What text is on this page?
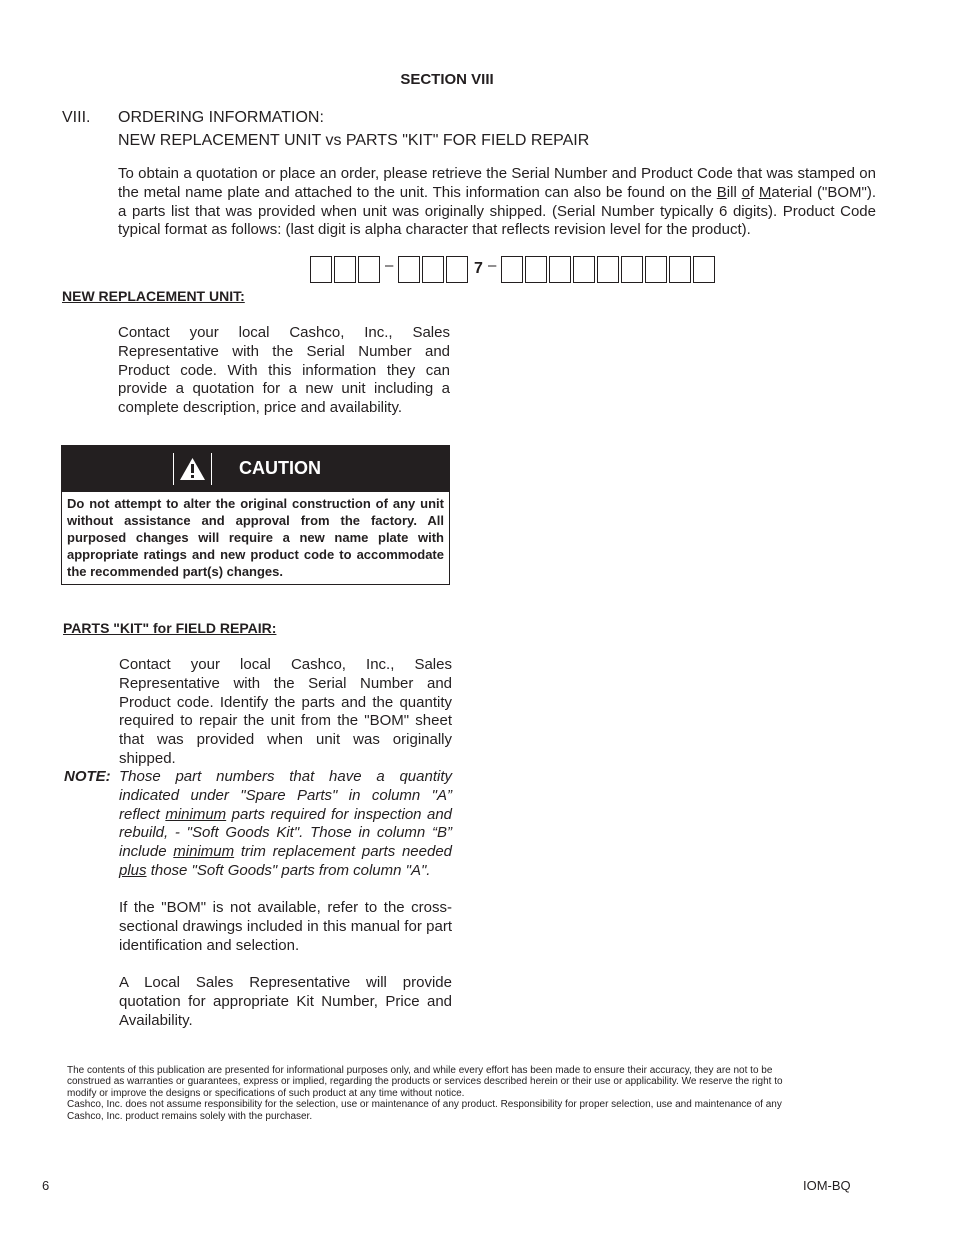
SECTION VIII
VIII. ORDERING INFORMATION:
NEW REPLACEMENT UNIT vs PARTS "KIT" FOR FIELD REPAIR
To obtain a quotation or place an order, please retrieve the Serial Number and Product Code that was stamped on the metal name plate and attached to the unit. This information can also be found on the Bill of Material ("BOM"). a parts list that was provided when unit was originally shipped. (Serial Number typically 6 digits). Product Code typical format as follows: (last digit is alpha character that reflects revision level for the product).
–	7 –
NEW REPLACEMENT UNIT:
Contact your local Cashco, Inc., Sales Representative with the Serial Number and Product code. With this information they can provide a quotation for a new unit including a complete description, price and availability.
CAUTION
Do not attempt to alter the original construction of any unit without assistance and approval from the factory. All purposed changes will require a new name plate with appropriate ratings and new product code to accommodate the recommended part(s) changes.
PARTS "KIT" for FIELD REPAIR:
Contact your local Cashco, Inc., Sales Representative with the Serial Number and Product code. Identify the parts and the quantity required to repair the unit from the "BOM" sheet that was provided when unit was originally shipped.
NOTE: Those part numbers that have a quantity indicated under "Spare Parts" in column "A” reflect minimum parts required for inspection and rebuild, - "Soft Goods Kit". Those in column “B” include minimum trim replacement parts needed plus those "Soft Goods" parts from column "A".
If the "BOM" is not available, refer to the cross-sectional drawings included in this manual for part identification and selection.
A Local Sales Representative will provide quotation for appropriate Kit Number, Price and Availability.
The contents of this publication are presented for informational purposes only, and while every effort has been made to ensure their accuracy, they are not to be
construed as warranties or guarantees, express or implied, regarding the products or services described herein or their use or applicability. We reserve the right to
modify or improve the designs or specifications of such product at any time without notice.
Cashco, Inc. does not assume responsibility for the selection, use or maintenance of any product. Responsibility for proper selection, use and maintenance of any
Cashco, Inc. product remains solely with the purchaser.
6	IOM-BQ
